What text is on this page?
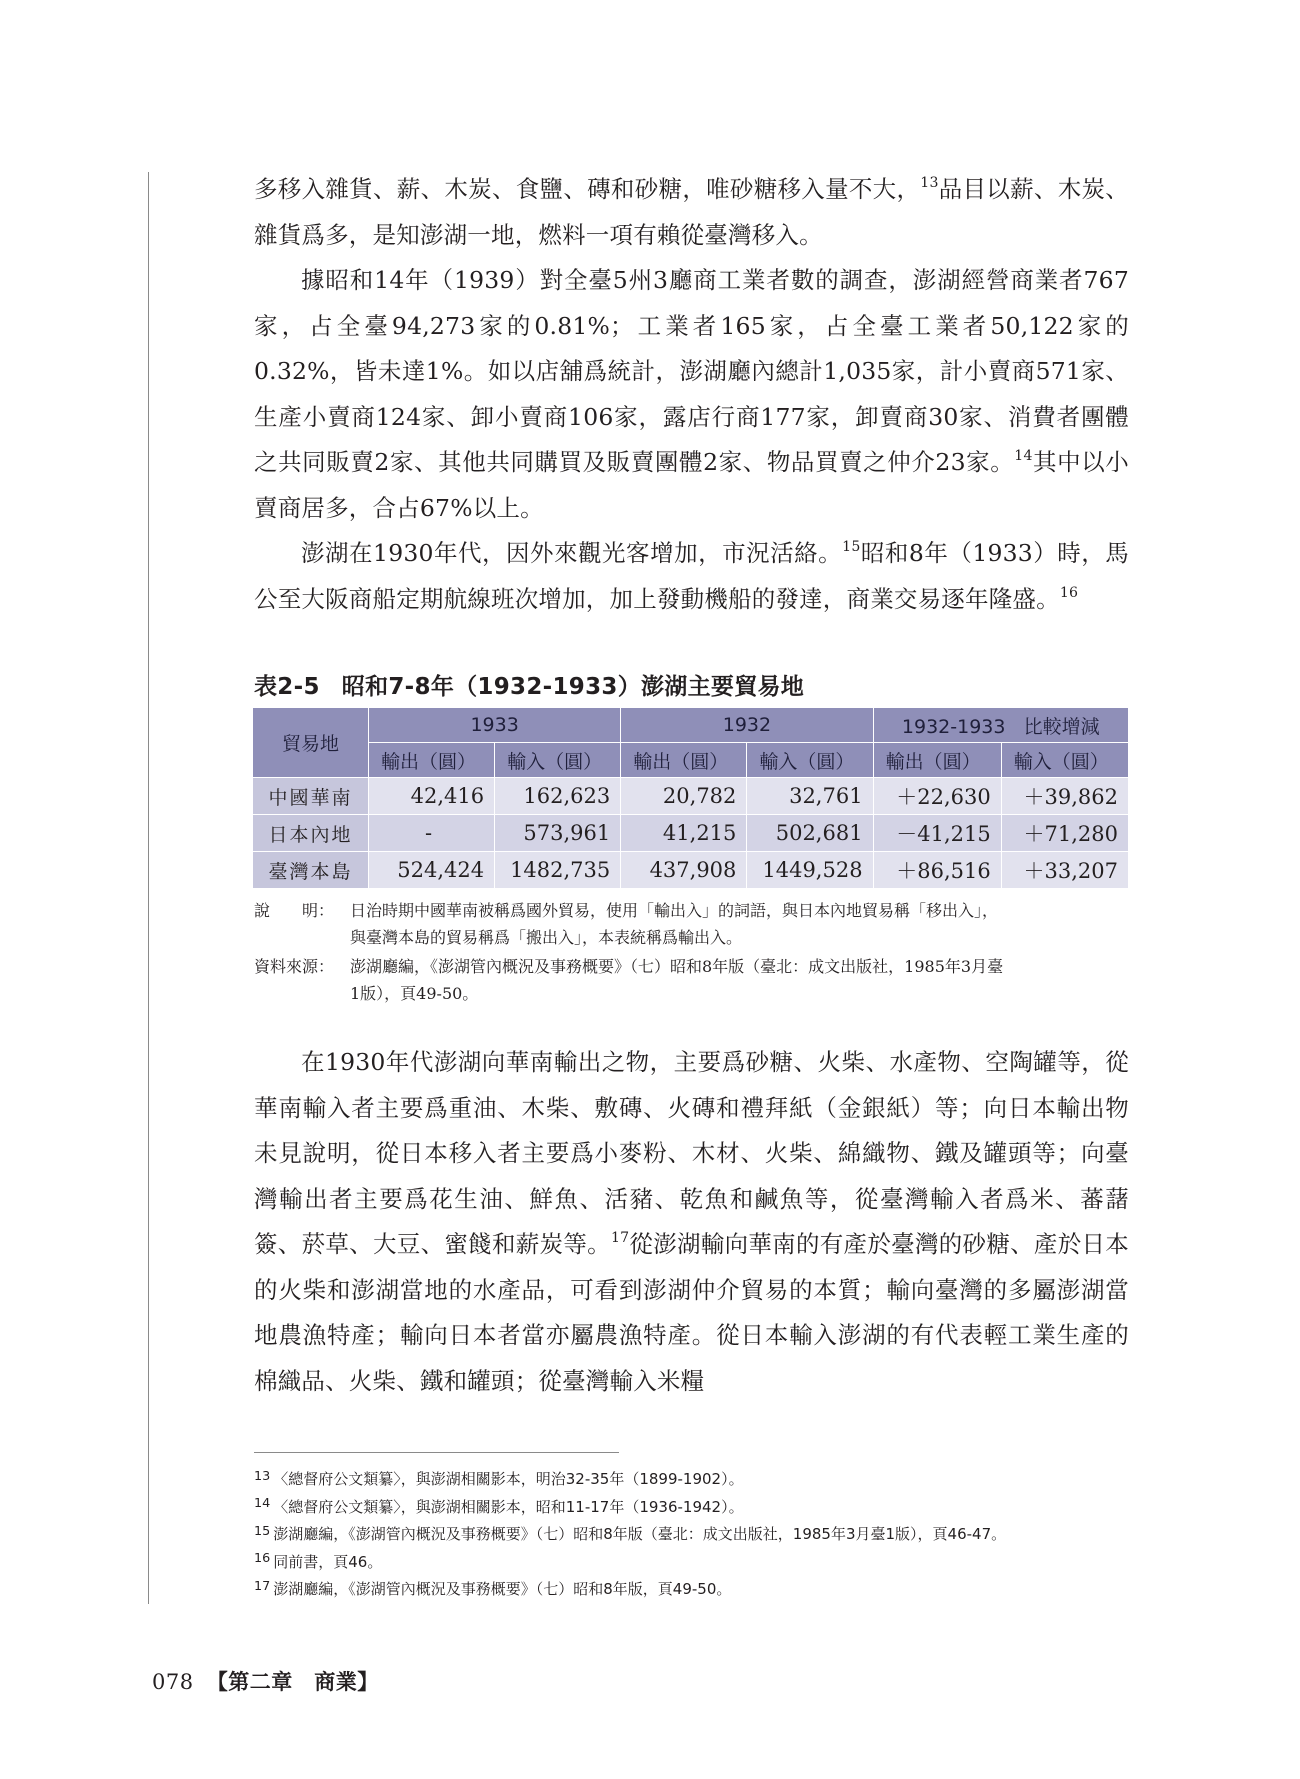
多移入雜貨、薪、木炭、食鹽、磚和砂糖，唯砂糖移入量不大，$^{13}$品目以薪、木炭、雜貨爲多，是知澎湖一地，燃料一項有賴從臺灣移入。

據昭和14年（1939）對全臺5州3廳商工業者數的調查，澎湖經營商業者767家，占全臺94,273家的0.81%；工業者165家，占全臺工業者50,122家的0.32%，皆未達1%。如以店舖爲統計，澎湖廳內總計1,035家，計小賣商571家、生產小賣商124家、卸小賣商106家，露店行商177家，卸賣商30家、消費者團體之共同販賣2家、其他共同購買及販賣團體2家、物品買賣之仲介23家。$^{14}$其中以小賣商居多，合占67%以上。

澎湖在1930年代，因外來觀光客增加，市況活絡。$^{15}$昭和8年（1933）時，馬公至大阪商船定期航線班次增加，加上發動機船的發達，商業交易逐年隆盛。$^{16}$

表2-5 昭和7-8年（1932-1933）澎湖主要貿易地
貿易地	1933		1932		1932-1933 比較增減	
	輸出（圓）	輸入（圓）	輸出（圓）	輸入（圓）	輸出（圓）	輸入（圓）
中國華南	42,416	162,623	20,782	32,761	＋22,630	＋39,862
日本內地	-	573,961	41,215	502,681	－41,215	＋71,280
臺灣本島	524,424	1482,735	437,908	1449,528	＋86,516	＋33,207
說　　明： 日治時期中國華南被稱爲國外貿易，使用「輸出入」的詞語，與日本內地貿易稱「移出入」，
與臺灣本島的貿易稱爲「搬出入」，本表統稱爲輸出入。
資料來源： 澎湖廳編，《澎湖管內概況及事務概要》（七）昭和8年版（臺北：成文出版社，1985年3月臺
1版），頁49-50。

在1930年代澎湖向華南輸出之物，主要爲砂糖、火柴、水產物、空陶罐等，從華南輸入者主要爲重油、木柴、敷磚、火磚和禮拜紙（金銀紙）等；向日本輸出物未見說明，從日本移入者主要爲小麥粉、木材、火柴、綿織物、鐵及罐頭等；向臺灣輸出者主要爲花生油、鮮魚、活豬、乾魚和鹹魚等，從臺灣輸入者爲米、蕃藷簽、菸草、大豆、蜜餞和薪炭等。$^{17}$從澎湖輸向華南的有產於臺灣的砂糖、產於日本的火柴和澎湖當地的水產品，可看到澎湖仲介貿易的本質；輸向臺灣的多屬澎湖當地農漁特產；輸向日本者當亦屬農漁特產。從日本輸入澎湖的有代表輕工業生產的棉織品、火柴、鐵和罐頭；從臺灣輸入米糧

$^{13}$ 〈總督府公文類纂〉，與澎湖相關影本，明治32-35年（1899-1902）。

$^{14}$ 〈總督府公文類纂〉，與澎湖相關影本，昭和11-17年（1936-1942）。

$^{15}$ 澎湖廳編，《澎湖管內概況及事務概要》（七）昭和8年版（臺北：成文出版社，1985年3月臺1版），頁46-47。

$^{16}$ 同前書，頁46。

$^{17}$ 澎湖廳編，《澎湖管內概況及事務概要》（七）昭和8年版，頁49-50。

078 【第二章　商業】
